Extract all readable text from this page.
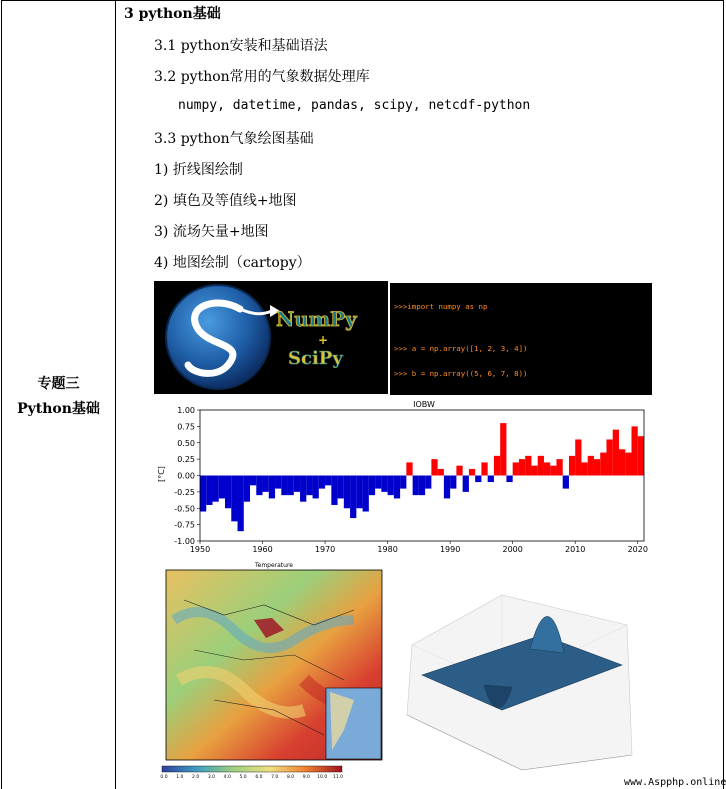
专题三
Python基础
3 python基础
3.1 python安装和基础语法
3.2 python常用的气象数据处理库
numpy, datetime, pandas, scipy, netcdf-python
3.3 python气象绘图基础
1) 折线图绘制
2) 填色及等值线+地图
3) 流场矢量+地图
4) 地图绘制（cartopy）
NumPy
+
SciPy

>>>import numpy as np

>>> a = np.array([1, 2, 3, 4])

>>> b = np.array((5, 6, 7, 8))

IOBW
[°C]
1950	1960	1970	1980	1990	2000	2010	2020
1.00
0.75
0.50
0.25
0.00
-0.25
-0.50
-0.75
-1.00
Temperature
0.0 1.0 2.0 3.0 4.0 5.0 6.0 7.0 8.0 9.0 10.0 11.0	www.Aspphp.online
